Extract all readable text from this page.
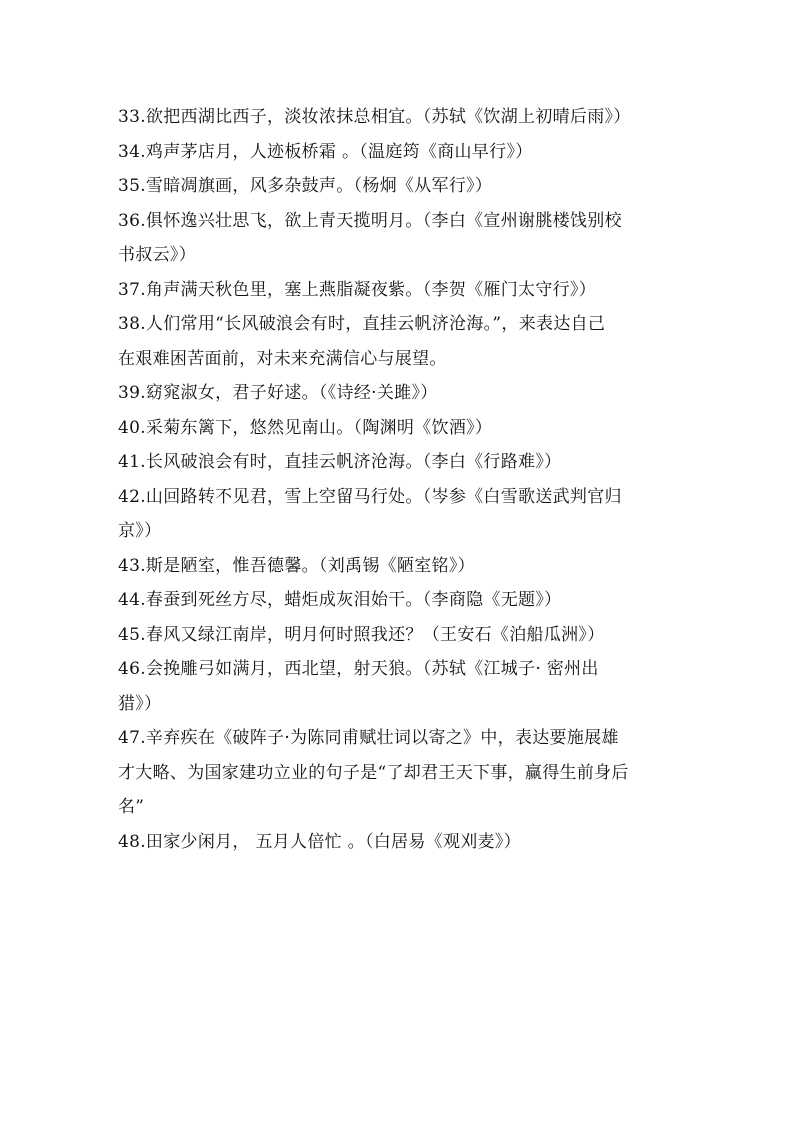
33.欲把西湖比西子，淡妆浓抹总相宜。（苏轼《饮湖上初晴后雨》）
34.鸡声茅店月，人迹板桥霜 。（温庭筠《商山早行》）
35.雪暗凋旗画，风多杂鼓声。（杨炯《从军行》）
36.俱怀逸兴壮思飞，欲上青天揽明月。（李白《宣州谢朓楼饯别校
书叔云》）
37.角声满天秋色里，塞上燕脂凝夜紫。（李贺《雁门太守行》）
38.人们常用“长风破浪会有时，直挂云帆济沧海。”，来表达自己
在艰难困苦面前，对未来充满信心与展望。
39.窈窕淑女，君子好逑。（《诗经·关雎》）
40.采菊东篱下，悠然见南山。（陶渊明《饮酒》）
41.长风破浪会有时，直挂云帆济沧海。（李白《行路难》）
42.山回路转不见君，雪上空留马行处。（岑参《白雪歌送武判官归
京》）
43.斯是陋室，惟吾德馨。（刘禹锡《陋室铭》）
44.春蚕到死丝方尽，蜡炬成灰泪始干。（李商隐《无题》）
45.春风又绿江南岸，明月何时照我还？（王安石《泊船瓜洲》）
46.会挽雕弓如满月，西北望，射天狼。（苏轼《江城子· 密州出
猎》）
47.辛弃疾在《破阵子·为陈同甫赋壮词以寄之》中，表达要施展雄
才大略、为国家建功立业的句子是“了却君王天下事，赢得生前身后
名”
48.田家少闲月， 五月人倍忙 。（白居易《观刈麦》）
